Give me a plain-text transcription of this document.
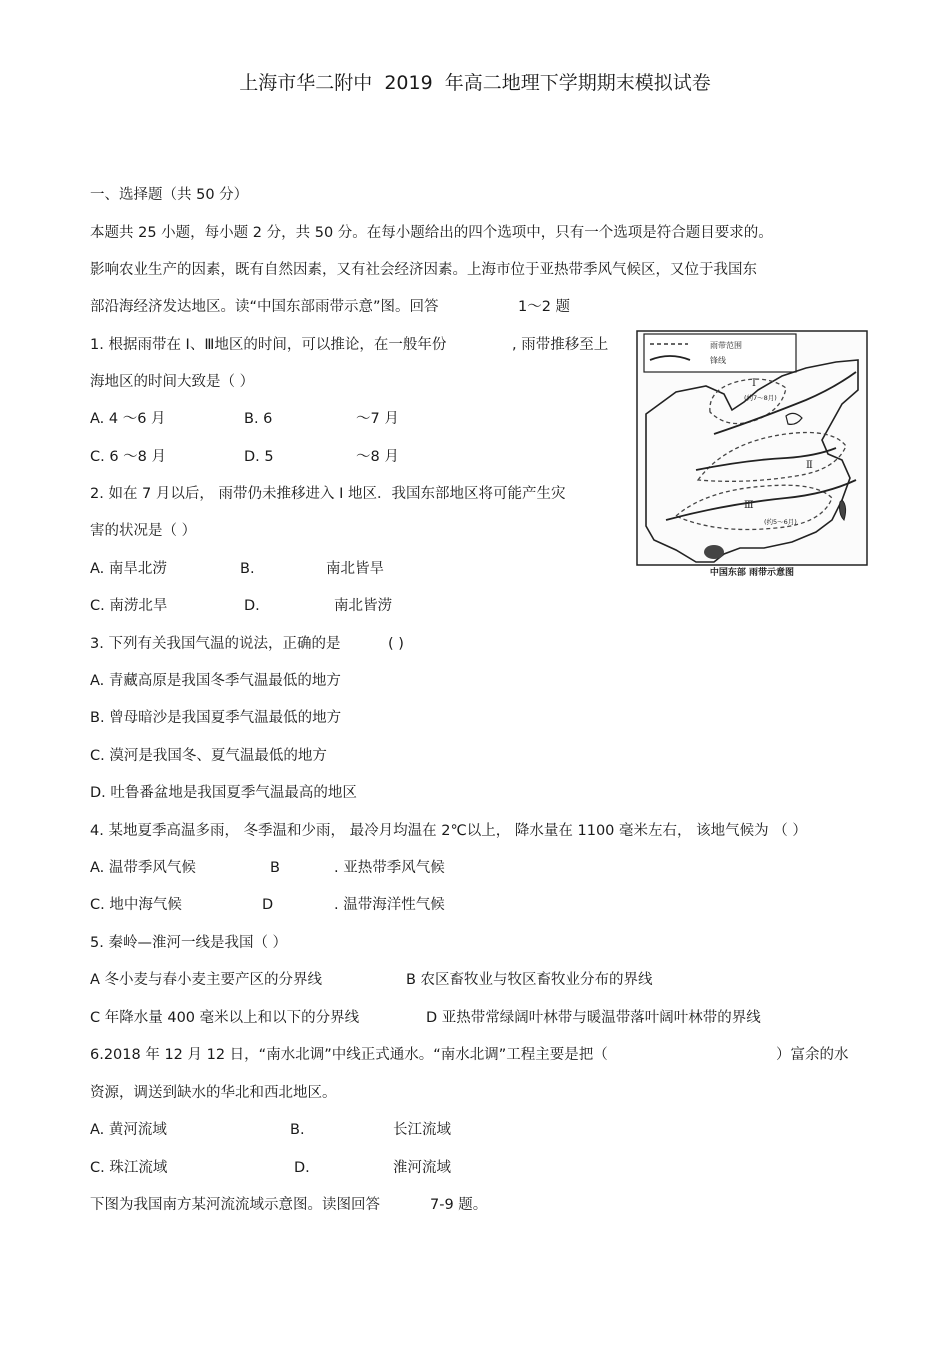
上海市华二附中  2019  年高二地理下学期期末模拟试卷
一、选择题（共 50 分）
本题共 25 小题，每小题 2 分，共 50 分。在每小题给出的四个选项中，只有一个选项是符合题目要求的。
影响农业生产的因素，既有自然因素，又有社会经济因素。上海市位于亚热带季风气候区，又位于我国东
部沿海经济发达地区。读“中国东部雨带示意”图。回答	1～2 题
1. 根据雨带在 Ⅰ、Ⅲ地区的时间，可以推论，在一般年份	, 雨带推移至上
海地区的时间大致是（ ）
A. 4 ～6 月	B. 6	～7 月
C. 6 ～8 月	D. 5	～8 月
2. 如在 7 月以后， 雨带仍未推移进入 Ⅰ 地区．我国东部地区将可能产生灾
害的状况是（ ）
A. 南旱北涝	B.	南北皆旱
C. 南涝北旱	D.	南北皆涝
3. 下列有关我国气温的说法，正确的是	( )
A. 青藏高原是我国冬季气温最低的地方
B. 曾母暗沙是我国夏季气温最低的地方
C. 漠河是我国冬、夏气温最低的地方
D. 吐鲁番盆地是我国夏季气温最高的地区
4. 某地夏季高温多雨， 冬季温和少雨， 最冷月均温在 2℃以上， 降水量在 1100 毫米左右， 该地气候为 （ ）
A. 温带季风气候	B	. 亚热带季风气候
C. 地中海气候	D	. 温带海洋性气候
5. 秦岭—淮河一线是我国（ ）
A 冬小麦与春小麦主要产区的分界线	B 农区畜牧业与牧区畜牧业分布的界线
C 年降水量 400 毫米以上和以下的分界线	D 亚热带常绿阔叶林带与暖温带落叶阔叶林带的界线
6.2018 年 12 月 12 日，“南水北调”中线正式通水。“南水北调”工程主要是把（	）富余的水
资源，调送到缺水的华北和西北地区。
A. 黄河流域	B.	长江流域
C. 珠江流域	D.	淮河流域
下图为我国南方某河流流域示意图。读图回答	7-9 题。
雨带范围
锋线
Ⅰ
(约7～8月)
Ⅱ
Ⅲ
(约5～6月)
中国东部 雨带示意图
